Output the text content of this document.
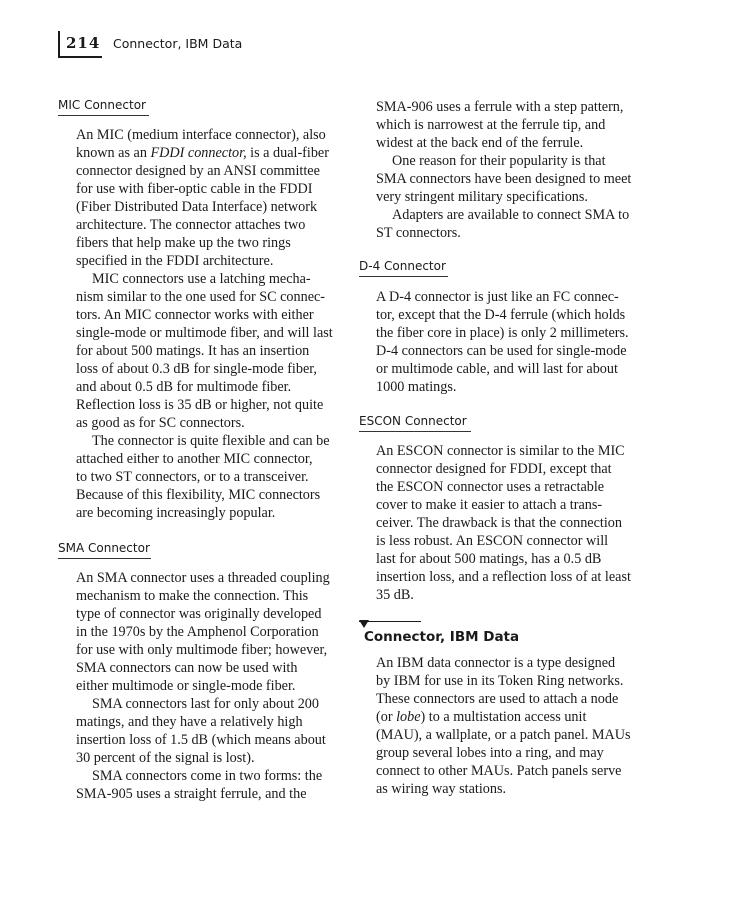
214 Connector, IBM Data
MIC Connector
An MIC (medium interface connector), also
known as an FDDI connector, is a dual-fiber
connector designed by an ANSI committee
for use with fiber-optic cable in the FDDI
(Fiber Distributed Data Interface) network
architecture. The connector attaches two
fibers that help make up the two rings
specified in the FDDI architecture.
MIC connectors use a latching mecha-
nism similar to the one used for SC connec-
tors. An MIC connector works with either
single-mode or multimode fiber, and will last
for about 500 matings. It has an insertion
loss of about 0.3 dB for single-mode fiber,
and about 0.5 dB for multimode fiber.
Reflection loss is 35 dB or higher, not quite
as good as for SC connectors.
The connector is quite flexible and can be
attached either to another MIC connector,
to two ST connectors, or to a transceiver.
Because of this flexibility, MIC connectors
are becoming increasingly popular.
SMA Connector
An SMA connector uses a threaded coupling
mechanism to make the connection. This
type of connector was originally developed
in the 1970s by the Amphenol Corporation
for use with only multimode fiber; however,
SMA connectors can now be used with
either multimode or single-mode fiber.
SMA connectors last for only about 200
matings, and they have a relatively high
insertion loss of 1.5 dB (which means about
30 percent of the signal is lost).
SMA connectors come in two forms: the
SMA-905 uses a straight ferrule, and the
SMA-906 uses a ferrule with a step pattern,
which is narrowest at the ferrule tip, and
widest at the back end of the ferrule.
One reason for their popularity is that
SMA connectors have been designed to meet
very stringent military specifications.
Adapters are available to connect SMA to
ST connectors.
D-4 Connector
A D-4 connector is just like an FC connec-
tor, except that the D-4 ferrule (which holds
the fiber core in place) is only 2 millimeters.
D-4 connectors can be used for single-mode
or multimode cable, and will last for about
1000 matings.
ESCON Connector
An ESCON connector is similar to the MIC
connector designed for FDDI, except that
the ESCON connector uses a retractable
cover to make it easier to attach a trans-
ceiver. The drawback is that the connection
is less robust. An ESCON connector will
last for about 500 matings, has a 0.5 dB
insertion loss, and a reflection loss of at least
35 dB.
Connector, IBM Data
An IBM data connector is a type designed
by IBM for use in its Token Ring networks.
These connectors are used to attach a node
(or lobe) to a multistation access unit
(MAU), a wallplate, or a patch panel. MAUs
group several lobes into a ring, and may
connect to other MAUs. Patch panels serve
as wiring way stations.
